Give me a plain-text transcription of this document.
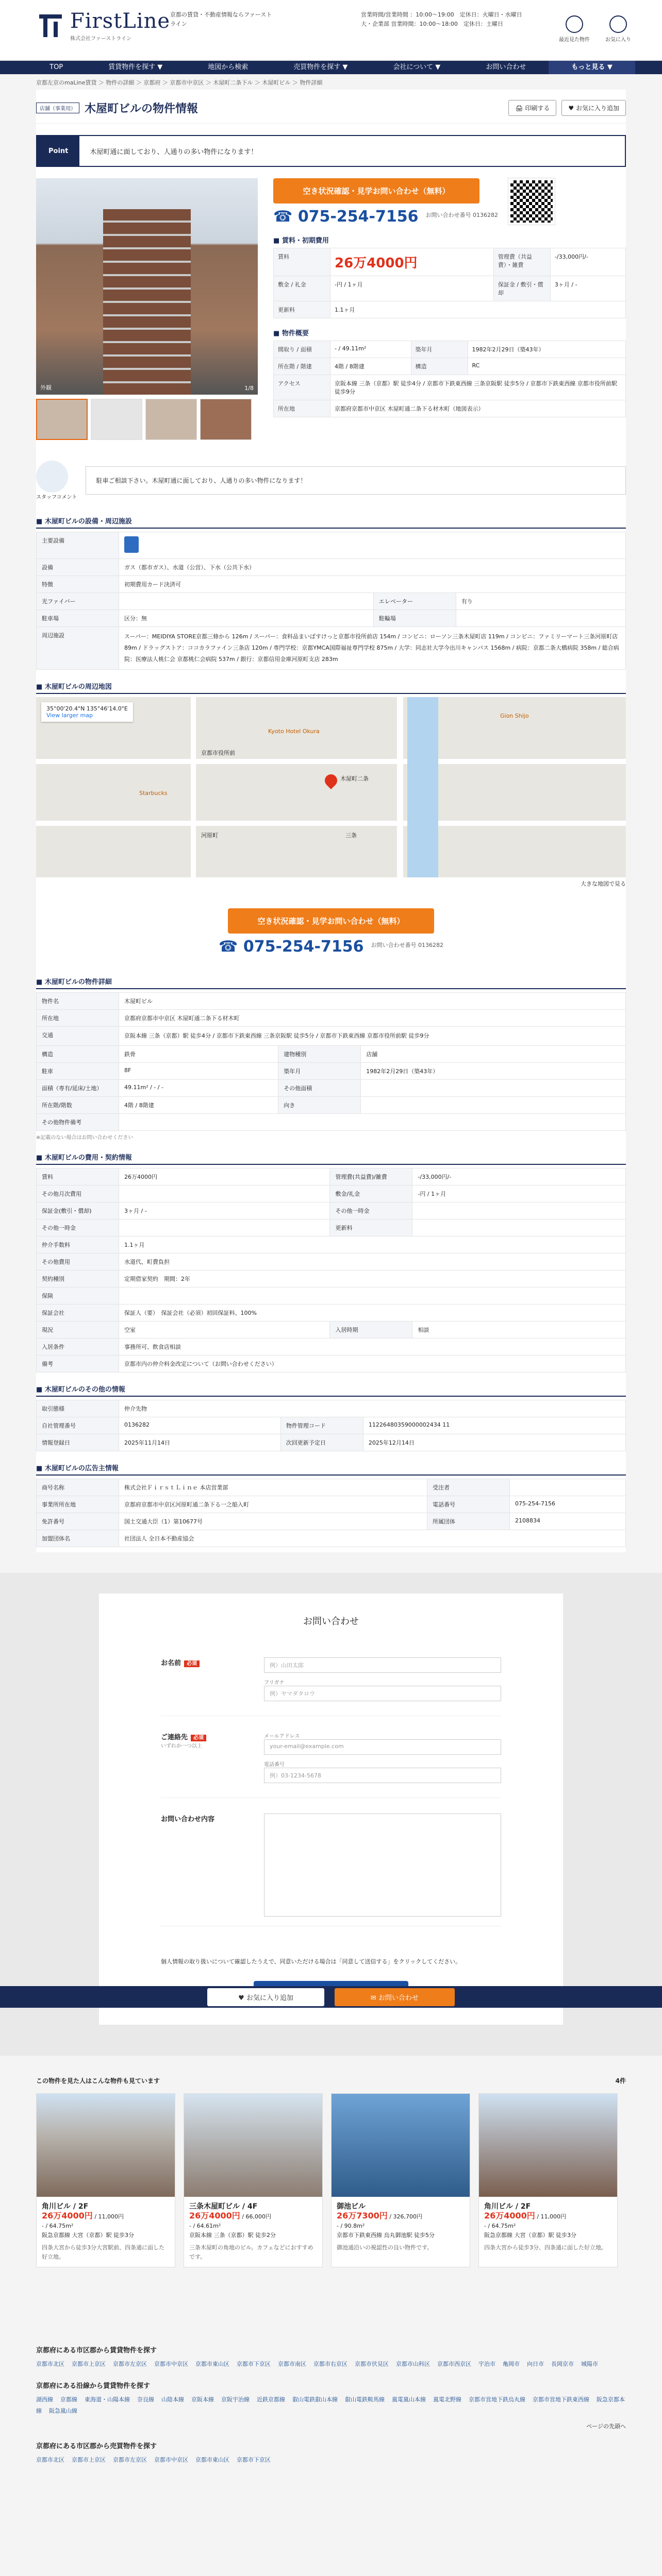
FirstLine
株式会社ファーストライン
京都の賃貸・不動産情報ならファーストライン
営業時間/営業時間 ：10:00〜19:00　定休日：火曜日・水曜日
大・企業部 営業時間：10:00〜18:00　定休日：土曜日
最近見た物件	お気に入り
TOP	賃貸物件を探す ▼	地図から検索	売買物件を探す ▼	会社について ▼	お問い合わせ	もっと見る ▼
京都左京のmaLine賃貸 ＞ 物件の詳細 ＞ 京都府 ＞ 京都市中京区 ＞ 木屋町二条下ル ＞ 木屋町ビル ＞ 物件詳細
店舗（事業用） 木屋町ビルの物件情報	🖨 印刷する	♥ お気に入り追加
Point	木屋町通に面しており、人通りの多い物件になります！
外観	1/8
空き状況確認・見学お問い合わせ（無料）
☎ 075-254-7156 お問い合わせ番号 0136282
■ 賃料・初期費用
賃料	26万4000円	管理費（共益費）・雑費	-/33,000円/-
敷金 / 礼金	-円 / 1ヶ月	保証金 / 敷引・償却	3ヶ月 / -
更新料	1.1ヶ月		
■ 物件概要
間取り / 面積	- / 49.11m²	築年月	1982年2月29日（築43年）
所在階 / 階建	4階 / 8階建	構造	RC
アクセス	京阪本線 三条（京都）駅 徒歩4分 / 京都市下鉄東西線 三条京阪駅 徒歩5分 / 京都市下鉄東西線 京都市役所前駅 徒歩9分		
所在地	京都府京都市中京区 木屋町通二条下る材木町（地図表示）		
スタッフコメント
駐車ご相談下さい。木屋町通に面しており、人通りの多い物件になります！
■ 木屋町ビルの設備・周辺施設
主要設備			
設備	ガス（都市ガス）、水道（公営）、下水（公共下水）		
特徴	初期費用カード決済可		
光ファイバー		エレベーター	有り
駐車場	区分：無	駐輪場	
周辺施設	スーパー：MEIDIYA STORE京都三條から 126m / スーパー：食料品まいばすけっと京都市役所前店 154m / コンビニ：ローソン三条木屋町店 119m / コンビニ：ファミリーマート三条河原町店 89m / ドラッグストア：ココカラファイン三条店 120m / 専門学校：京都YMCA国際福祉専門学校 875m / 大学：同志社大学今出川キャンパス 1568m / 病院：京都二条大橋病院 358m / 総合病院：医療法人桃仁会 京都桃仁会病院 537m / 銀行：京都信用金庫河原町支店 283m		
■ 木屋町ビルの周辺地図
35°00'20.4"N 135°46'14.0"E
View larger map
木屋町二条
京都市役所前
三条
河原町
Kyoto Hotel Okura
Starbucks
Gion Shijo
大きな地図で見る
空き状況確認・見学お問い合わせ（無料）
☎ 075-254-7156 お問い合わせ番号 0136282
■ 木屋町ビルの物件詳細
物件名	木屋町ビル		
所在地	京都府京都市中京区 木屋町通二条下る材木町		
交通	京阪本線 三条（京都）駅 徒歩4分 / 京都市下鉄東西線 三条京阪駅 徒歩5分 / 京都市下鉄東西線 京都市役所前駅 徒歩9分		
構造	鉄骨	建物種別	店舗
駐車	8F	築年月	1982年2月29日（築43年）
面積（専有/延床/土地）	49.11m² / - / -	その他面積	
所在階/階数	4階 / 8階建	向き	
その他物件備考			
※記載のない場合はお問い合わせください
■ 木屋町ビルの費用・契約情報
賃料	26万4000円	管理費(共益費)/雑費	-/33,000円/-
その他月次費用		敷金/礼金	-円 / 1ヶ月
保証金(敷引・償却)	3ヶ月 / -	その他一時金	
その他一時金		更新料	
仲介手数料	1.1ヶ月		
その他費用	水道代、町費負担		
契約種別	定期借家契約　期間：2年		
保険			
保証会社	保証人（要）　保証会社（必須）初回保証料、100%		
現況	空室	入居時期	相談
入居条件	事務所可、飲食店相談		
備考	京都市内の仲介料金改定について（お問い合わせください）		
■ 木屋町ビルのその他の情報
取引態様	仲介先物		
自社管理番号	0136282	物件管理コード	11226480359000002434 11
情報登録日	2025年11月14日	次回更新予定日	2025年12月14日
■ 木屋町ビルの広告主情報
商号名称	株式会社ＦｉｒｓｔＬｉｎｅ 本店営業部	受注者	
事業所所在地	京都府京都市中京区河原町通二条下る一之船入町	電話番号	075-254-7156
免許番号	国土交通大臣（1）第10677号	所属団体	2108834
加盟団体名	社団法人 全日本不動産協会		
お問い合わせ
お名前 必須	例）山田太郎
フリガナ
例）ヤマダタロウ
ご連絡先 必須
いずれか一つ以上
メールアドレス
your-email@example.com
電話番号
例）03-1234-5678
お問い合わせ内容
個人情報の取り扱いについて確認したうえで、同意いただける場合は「同意して送信する」をクリックしてください。
♥ お気に入り追加	✉ お問い合わせ
この物件を見た人はこんな物件も見ています	4件
角川ビル / 2F
26万4000円 / 11,000円
- / 64.75m²
阪急京都線 大宮（京都）駅 徒歩3分
四条大宮から徒歩3分大宮駅前、四条通に面した好立地。
三条木屋町ビル / 4F
26万4000円 / 66,000円
- / 64.61m²
京阪本線 三条（京都）駅 徒歩2分
三条木屋町の角地のビル。カフェなどにおすすめです。
御池ビル
26万7300円 / 326,700円
- / 90.8m²
京都市下鉄東西線 烏丸御池駅 徒歩5分
御池通沿いの視認性の良い物件です。
角川ビル / 2F
26万4000円 / 11,000円
- / 64.75m²
阪急京都線 大宮（京都）駅 徒歩3分
四条大宮から徒歩3分、四条通に面した好立地。
京都府にある市区郡から賃貸物件を探す
京都市北区 京都市上京区 京都市左京区 京都市中京区 京都市東山区 京都市下京区 京都市南区 京都市右京区 京都市伏見区 京都市山科区 京都市西京区 宇治市 亀岡市 向日市 長岡京市 城陽市
京都府にある沿線から賃貸物件を探す
湖西線 京都線 東海道・山陽本線 奈良線 山陰本線 京阪本線 京阪宇治線 近鉄京都線 叡山電鉄叡山本線 叡山電鉄鞍馬線 嵐電嵐山本線 嵐電北野線 京都市営地下鉄烏丸線 京都市営地下鉄東西線 阪急京都本線 阪急嵐山線
ページの先頭へ
京都府にある市区郡から売買物件を探す
京都市北区 京都市上京区 京都市左京区 京都市中京区 京都市東山区 京都市下京区
